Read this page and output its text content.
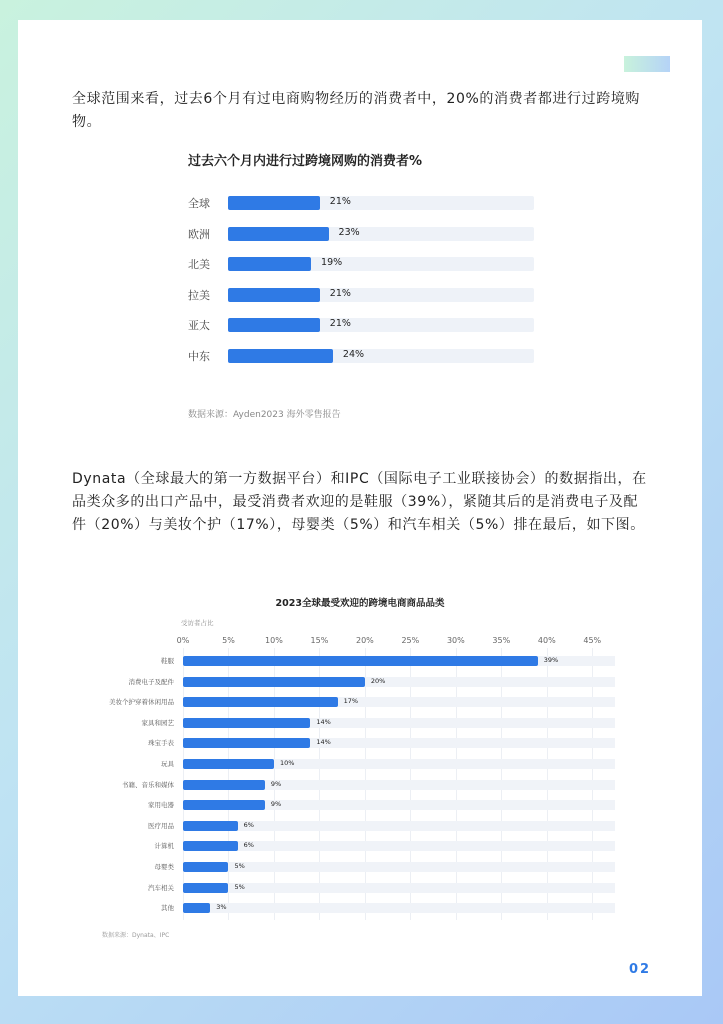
全球范围来看，过去6个月有过电商购物经历的消费者中，20%的消费者都进行过跨境购物。

过去六个月内进行过跨境网购的消费者%
全球	21%
欧洲	23%
北美	19%
拉美	21%
亚太	21%
中东	24%
数据来源：Ayden2023 海外零售报告

Dynata（全球最大的第一方数据平台）和IPC（国际电子工业联接协会）的数据指出，在品类众多的出口产品中，最受消费者欢迎的是鞋服（39%），紧随其后的是消费电子及配件（20%）与美妆个护（17%），母婴类（5%）和汽车相关（5%）排在最后，如下图。

2023全球最受欢迎的跨境电商商品品类
受访者占比
0%	5%	10%	15%	20%	25%	30%	35%	40%	45%
鞋服	39%
消费电子及配件	20%
美妆个护穿着休闲用品	17%
家具和园艺	14%
珠宝手表	14%
玩具	10%
书籍、音乐和媒体	9%
家用电器	9%
医疗用品	6%
计算机	6%
母婴类	5%
汽车相关	5%
其他	3%
数据来源：Dynata、IPC
02
